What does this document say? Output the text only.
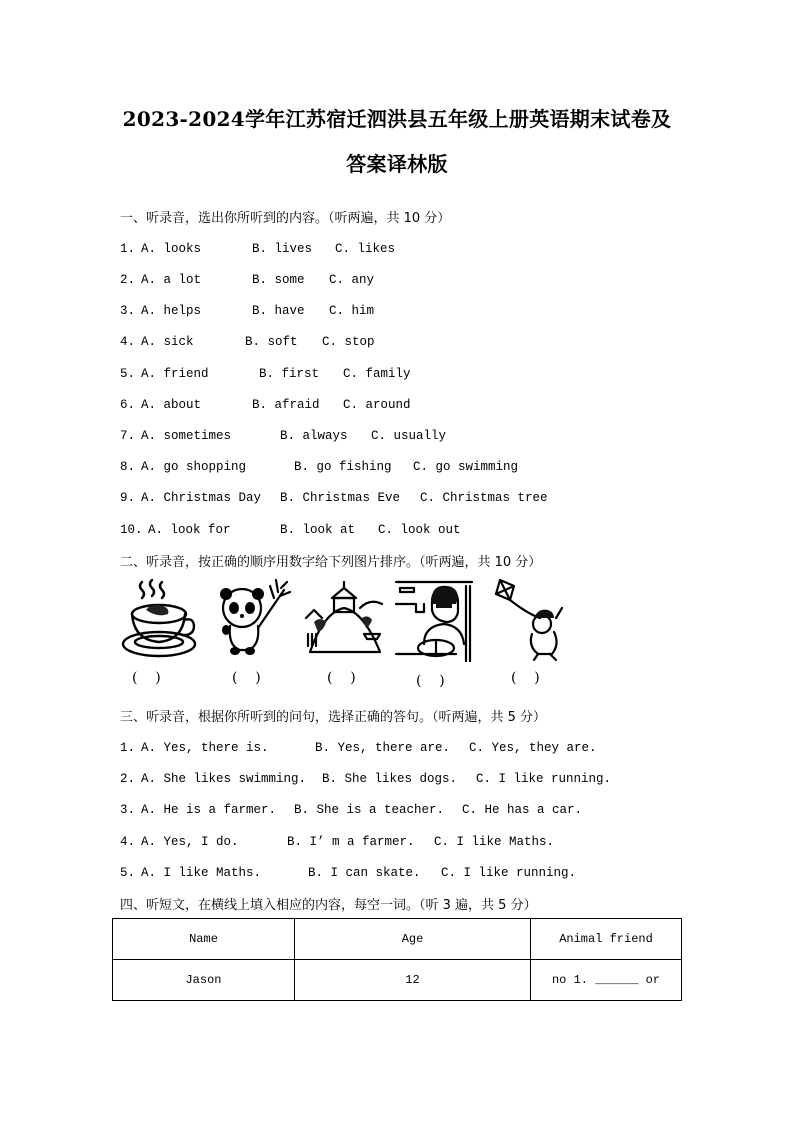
2023-2024学年江苏宿迁泗洪县五年级上册英语期末试卷及
答案译林版
一、听录音，选出你所听到的内容。（听两遍，共 10 分）

1.

A. looks

	B. lives

C. likes

2.

A. a lot

	B. some

C. any

3.

A. helps

	B. have

C. him

4.

A. sick

	B. soft

C. stop

5.

A. friend

	B. first

C. family

6.

A. about

	B. afraid

C. around

7.

A. sometimes

	B. always

C. usually

8.

A. go shopping

	B. go fishing

C. go swimming

9.

A. Christmas Day

B. Christmas Eve

C. Christmas tree

10.

A. look for

	B. look at

C. look out

二、听录音，按正确的顺序用数字给下列图片排序。（听两遍，共 10 分）
(    )	(    )	(    )	(    )	(    )
三、听录音，根据你所听到的问句，选择正确的答句。（听两遍，共 5 分）

1.

A. Yes, there is.

	B. Yes, there are.

C. Yes, they are.

2.

A. She likes swimming.

B. She likes dogs.

C. I like running.

3.

A. He is a farmer.

B. She is a teacher.

C. He has a car.

4.

A. Yes, I do.

	B. I’ m a farmer.

C. I like Maths.

5.

A. I like Maths.

	B. I can skate.

C. I like running.

四、听短文，在横线上填入相应的内容，每空一词。（听 3 遍，共 5 分）
Name	Age	Animal friend
Jason	12	no 1. ______ or
